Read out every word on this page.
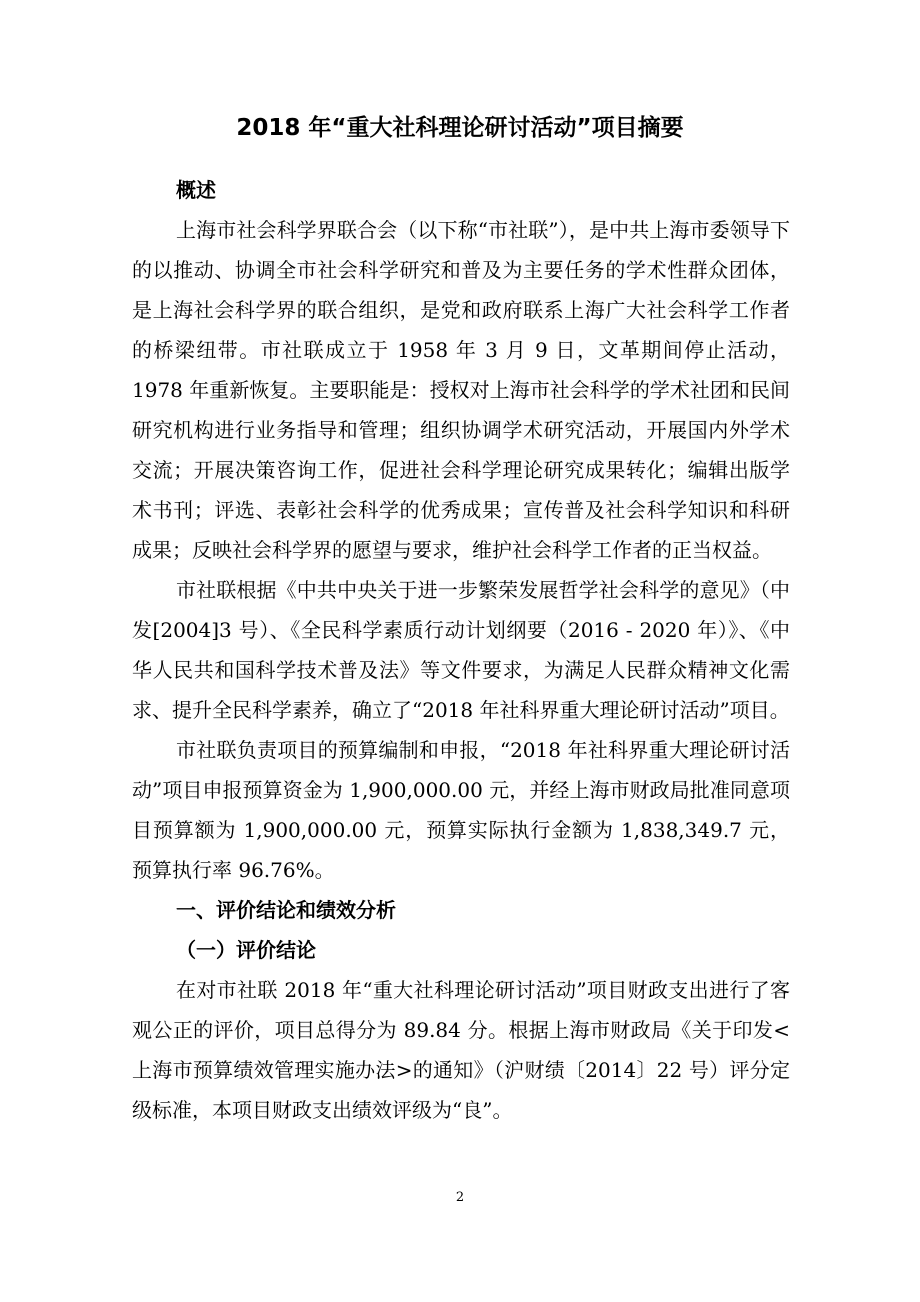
2018 年“重大社科理论研讨活动”项目摘要
概述

上海市社会科学界联合会（以下称“市社联”），是中共上海市委领导下的以推动、协调全市社会科学研究和普及为主要任务的学术性群众团体，是上海社会科学界的联合组织，是党和政府联系上海广大社会科学工作者的桥梁纽带。市社联成立于 1958 年 3 月 9 日，文革期间停止活动，1978 年重新恢复。主要职能是：授权对上海市社会科学的学术社团和民间研究机构进行业务指导和管理；组织协调学术研究活动，开展国内外学术交流；开展决策咨询工作，促进社会科学理论研究成果转化；编辑出版学术书刊；评选、表彰社会科学的优秀成果；宣传普及社会科学知识和科研成果；反映社会科学界的愿望与要求，维护社会科学工作者的正当权益。

市社联根据《中共中央关于进一步繁荣发展哲学社会科学的意见》（中发[2004]3 号）、《全民科学素质行动计划纲要（2016 - 2020 年）》、《中华人民共和国科学技术普及法》等文件要求，为满足人民群众精神文化需求、提升全民科学素养，确立了“2018 年社科界重大理论研讨活动”项目。

市社联负责项目的预算编制和申报，“2018 年社科界重大理论研讨活动”项目申报预算资金为 1,900,000.00 元，并经上海市财政局批准同意项目预算额为 1,900,000.00 元，预算实际执行金额为 1,838,349.7 元，预算执行率 96.76%。

一、评价结论和绩效分析
（一）评价结论

在对市社联 2018 年“重大社科理论研讨活动”项目财政支出进行了客观公正的评价，项目总得分为 89.84 分。根据上海市财政局《关于印发<上海市预算绩效管理实施办法>的通知》（沪财绩〔2014〕22 号）评分定级标准，本项目财政支出绩效评级为“良”。

2
